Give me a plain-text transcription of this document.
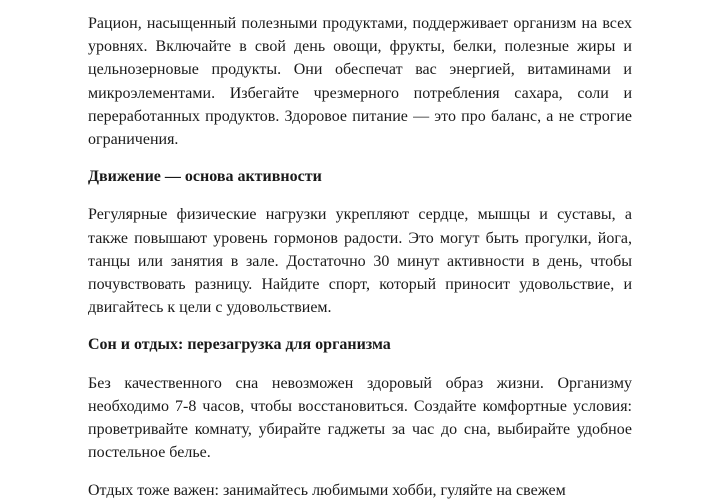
Рацион, насыщенный полезными продуктами, поддерживает организм на всех уровнях. Включайте в свой день овощи, фрукты, белки, полезные жиры и цельнозерновые продукты. Они обеспечат вас энергией, витаминами и микроэлементами. Избегайте чрезмерного потребления сахара, соли и переработанных продуктов. Здоровое питание — это про баланс, а не строгие ограничения.

Движение — основа активности

Регулярные физические нагрузки укрепляют сердце, мышцы и суставы, а также повышают уровень гормонов радости. Это могут быть прогулки, йога, танцы или занятия в зале. Достаточно 30 минут активности в день, чтобы почувствовать разницу. Найдите спорт, который приносит удовольствие, и двигайтесь к цели с удовольствием.

Сон и отдых: перезагрузка для организма

Без качественного сна невозможен здоровый образ жизни. Организму необходимо 7-8 часов, чтобы восстановиться. Создайте комфортные условия: проветривайте комнату, убирайте гаджеты за час до сна, выбирайте удобное постельное белье.

Отдых тоже важен: занимайтесь любимыми хобби, гуляйте на свежем
